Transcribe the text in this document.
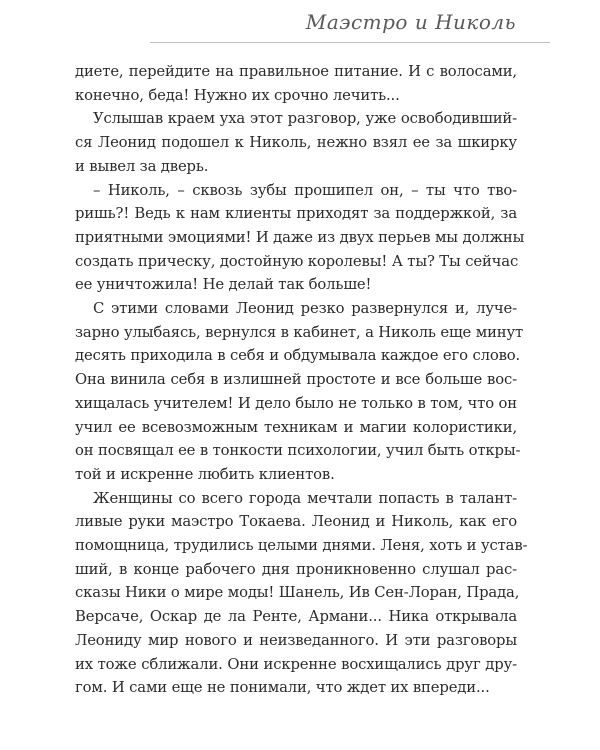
Маэстро и Николь

диете, перейдите на правильное питание. И с волосами,
конечно, беда! Нужно их срочно лечить...

Услышав краем уха этот разговор, уже освободивший-
ся Леонид подошел к Николь, нежно взял ее за шкирку
и вывел за дверь.

– Николь, – сквозь зубы прошипел он, – ты что тво-
ришь?! Ведь к нам клиенты приходят за поддержкой, за
приятными эмоциями! И даже из двух перьев мы должны
создать прическу, достойную королевы! А ты? Ты сейчас
ее уничтожила! Не делай так больше!

С этими словами Леонид резко развернулся и, луче-
зарно улыбаясь, вернулся в кабинет, а Николь еще минут
десять приходила в себя и обдумывала каждое его слово.
Она винила себя в излишней простоте и все больше вос-
хищалась учителем! И дело было не только в том, что он
учил ее всевозможным техникам и магии колористики,
он посвящал ее в тонкости психологии, учил быть откры-
той и искренне любить клиентов.

Женщины со всего города мечтали попасть в талант-
ливые руки маэстро Токаева. Леонид и Николь, как его
помощница, трудились целыми днями. Леня, хоть и устав-
ший, в конце рабочего дня проникновенно слушал рас-
сказы Ники о мире моды! Шанель, Ив Сен-Лоран, Прада,
Версаче, Оскар де ла Ренте, Армани... Ника открывала
Леониду мир нового и неизведанного. И эти разговоры
их тоже сближали. Они искренне восхищались друг дру-
гом. И сами еще не понимали, что ждет их впереди...
